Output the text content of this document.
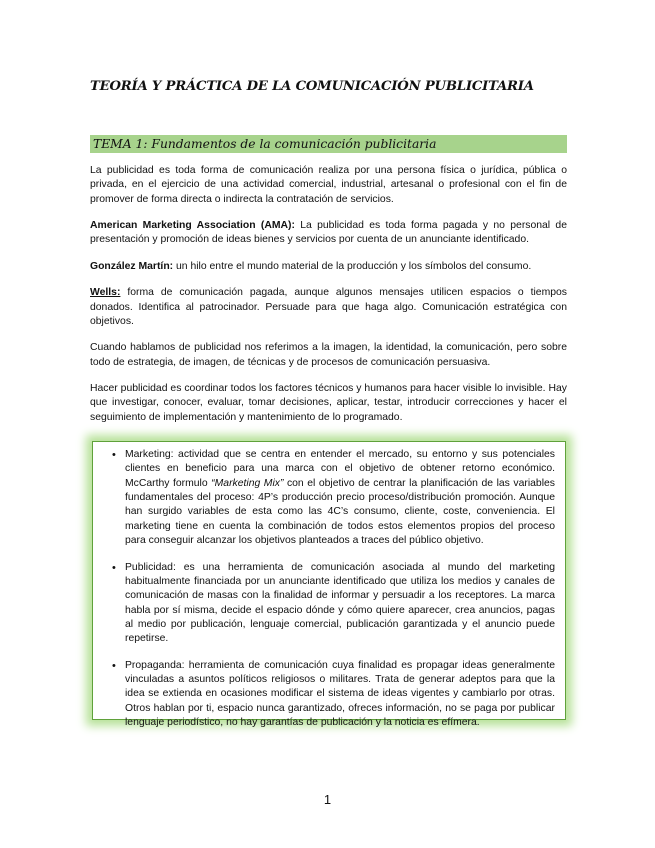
TEORÍA Y PRÁCTICA DE LA COMUNICACIÓN PUBLICITARIA
TEMA 1: Fundamentos de la comunicación publicitaria

La publicidad es toda forma de comunicación realiza por una persona física o jurídica, pública o privada, en el ejercicio de una actividad comercial, industrial, artesanal o profesional con el fin de promover de forma directa o indirecta la contratación de servicios.

American Marketing Association (AMA): La publicidad es toda forma pagada y no personal de presentación y promoción de ideas bienes y servicios por cuenta de un anunciante identificado.

González Martín: un hilo entre el mundo material de la producción y los símbolos del consumo.

Wells: forma de comunicación pagada, aunque algunos mensajes utilicen espacios o tiempos donados. Identifica al patrocinador. Persuade para que haga algo. Comunicación estratégica con objetivos.

Cuando hablamos de publicidad nos referimos a la imagen, la identidad, la comunicación, pero sobre todo de estrategia, de imagen, de técnicas y de procesos de comunicación persuasiva.

Hacer publicidad es coordinar todos los factores técnicos y humanos para hacer visible lo invisible. Hay que investigar, conocer, evaluar, tomar decisiones, aplicar, testar, introducir correcciones y hacer el seguimiento de implementación y mantenimiento de lo programado.

• Marketing: actividad que se centra en entender el mercado, su entorno y sus potenciales clientes en beneficio para una marca con el objetivo de obtener retorno económico. McCarthy formulo “Marketing Mix” con el objetivo de centrar la planificación de las variables fundamentales del proceso: 4P’s producción precio proceso/distribución promoción. Aunque han surgido variables de esta como las 4C’s consumo, cliente, coste, conveniencia. El marketing tiene en cuenta la combinación de todos estos elementos propios del proceso para conseguir alcanzar los objetivos planteados a traces del público objetivo.
• Publicidad: es una herramienta de comunicación asociada al mundo del marketing habitualmente financiada por un anunciante identificado que utiliza los medios y canales de comunicación de masas con la finalidad de informar y persuadir a los receptores. La marca habla por sí misma, decide el espacio dónde y cómo quiere aparecer, crea anuncios, pagas al medio por publicación, lenguaje comercial, publicación garantizada y el anuncio puede repetirse.
• Propaganda: herramienta de comunicación cuya finalidad es propagar ideas generalmente vinculadas a asuntos políticos religiosos o militares. Trata de generar adeptos para que la idea se extienda en ocasiones modificar el sistema de ideas vigentes y cambiarlo por otras. Otros hablan por ti, espacio nunca garantizado, ofreces información, no se paga por publicar lenguaje periodístico, no hay garantías de publicación y la noticia es efímera.
1
